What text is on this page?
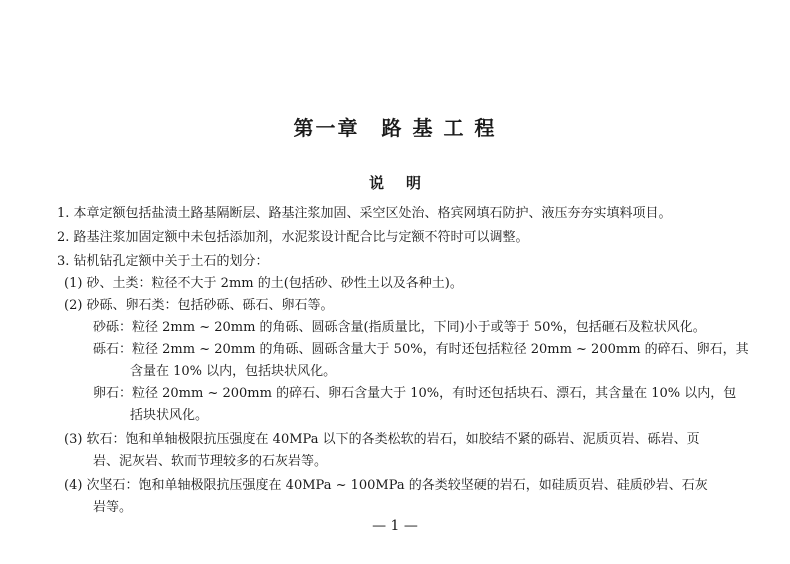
第一章　路 基 工 程
说明
1. 本章定额包括盐渍土路基隔断层、路基注浆加固、采空区处治、格宾网填石防护、液压夯夯实填料项目。
2. 路基注浆加固定额中未包括添加剂，水泥浆设计配合比与定额不符时可以调整。
3. 钻机钻孔定额中关于土石的划分：
(1) 砂、土类：粒径不大于 2mm 的土(包括砂、砂性土以及各种土)。
(2) 砂砾、卵石类：包括砂砾、砾石、卵石等。
砂砾：粒径 2mm ~ 20mm 的角砾、圆砾含量(指质量比，下同)小于或等于 50%，包括砸石及粒状风化。
砾石：粒径 2mm ~ 20mm 的角砾、圆砾含量大于 50%，有时还包括粒径 20mm ~ 200mm 的碎石、卵石，其
含量在 10% 以内，包括块状风化。
卵石：粒径 20mm ~ 200mm 的碎石、卵石含量大于 10%，有时还包括块石、漂石，其含量在 10% 以内，包
括块状风化。
(3) 软石：饱和单轴极限抗压强度在 40MPa 以下的各类松软的岩石，如胶结不紧的砾岩、泥质页岩、砾岩、页
岩、泥灰岩、软而节理较多的石灰岩等。
(4) 次坚石：饱和单轴极限抗压强度在 40MPa ~ 100MPa 的各类较坚硬的岩石，如硅质页岩、硅质砂岩、石灰
岩等。
— 1 —
